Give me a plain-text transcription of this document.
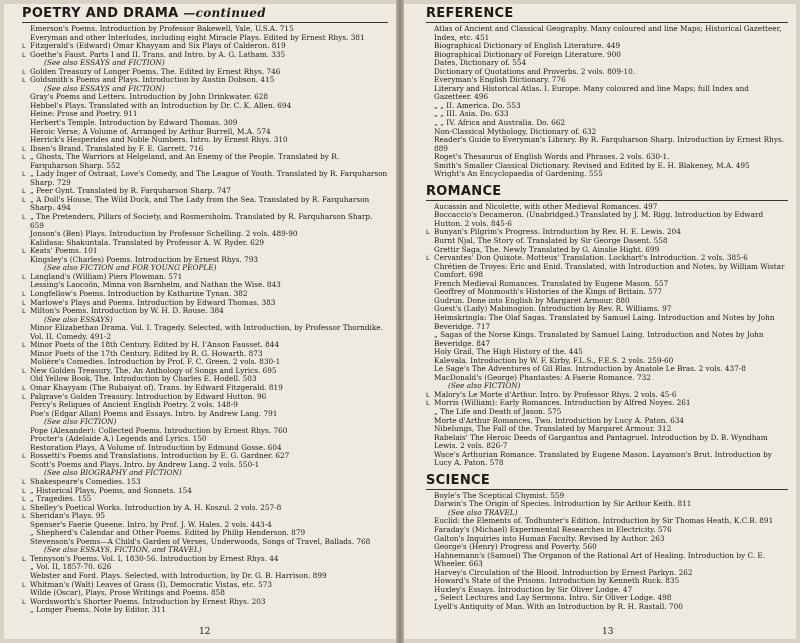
POETRY AND DRAMA —continued
Emerson's Poems. Introduction by Professor Bakewell, Yale, U.S.A. 715
Everyman and other Interludes, including eight Miracle Plays. Edited by Ernest Rhys. 381
L Fitzgerald's (Edward) Omar Khayyam and Six Plays of Calderon. 819
L Goethe's Faust. Parts I and II. Trans. and Intro. by A. G. Latham. 335
(See also ESSAYS and FICTION)
L Golden Treasury of Longer Poems, The. Edited by Ernest Rhys. 746
L Goldsmith's Poems and Plays. Introduction by Austin Dobson. 415
(See also ESSAYS and FICTION)
Gray's Poems and Letters. Introduction by John Drinkwater. 628
Hebbel's Plays. Translated with an Introduction by Dr. C. K. Allen. 694
Heine: Prose and Poetry. 911
Herbert's Temple. Introduction by Edward Thomas. 309
Heroic Verse, A Volume of. Arranged by Arthur Burrell, M.A. 574
Herrick's Hesperides and Noble Numbers. Intro. by Ernest Rhys. 310
L Ibsen's Brand. Translated by F. E. Garrett. 716
L „ Ghosts, The Warriors at Helgeland, and An Enemy of the People. Translated by R. Farquharson Sharp. 552
L „ Lady Inger of Ostraat, Love's Comedy, and The League of Youth. Translated by R. Farquharson Sharp. 729
L „ Peer Gynt. Translated by R. Farquharson Sharp. 747
L „ A Doll's House, The Wild Duck, and The Lady from the Sea. Translated by R. Farquharson Sharp. 494
L „ The Pretenders, Pillars of Society, and Rosmersholm. Translated by R. Farquharson Sharp. 659
Jonson's (Ben) Plays. Introduction by Professor Schelling. 2 vols. 489-90
Kalidasa: Shakuntala. Translated by Professor A. W. Ryder. 629
L Keats' Poems. 101
Kingsley's (Charles) Poems. Introduction by Ernest Rhys. 793
(See also FICTION and FOR YOUNG PEOPLE)
L Langland's (William) Piers Plowman. 571
Lessing's Laocoön, Minna von Barnhelm, and Nathan the Wise. 843
L Longfellow's Poems. Introduction by Katharine Tynan. 382
L Marlowe's Plays and Poems. Introduction by Edward Thomas. 383
L Milton's Poems. Introduction by W. H. D. Rouse. 384
(See also ESSAYS)
Minor Elizabethan Drama. Vol. I. Tragedy. Selected, with Introduction, by Professor Thorndike. Vol. II. Comedy. 491-2
L Minor Poets of the 18th Century. Edited by H. I'Anson Fausset. 844
Minor Poets of the 17th Century. Edited by R. G. Howarth. 873
Molière's Comedies. Introduction by Prof. F. C. Green. 2 vols. 830-1
L New Golden Treasury, The. An Anthology of Songs and Lyrics. 695
Old Yellow Book, The. Introduction by Charles E. Hodell. 503
L Omar Khayyam (The Rubaiyat of). Trans. by Edward Fitzgerald. 819
L Palgrave's Golden Treasury. Introduction by Edward Hutton. 96
Percy's Reliques of Ancient English Poetry. 2 vols. 148-9
Poe's (Edgar Allan) Poems and Essays. Intro. by Andrew Lang. 791
(See also FICTION)
Pope (Alexander): Collected Poems. Introduction by Ernest Rhys. 760
Procter's (Adelaide A.) Legends and Lyrics. 150
Restoration Plays, A Volume of. Introduction by Edmund Gosse. 604
L Rossetti's Poems and Translations. Introduction by E. G. Gardner. 627
Scott's Poems and Plays. Intro. by Andrew Lang. 2 vols. 550-1
(See also BIOGRAPHY and FICTION)
L Shakespeare's Comedies. 153
L „ Historical Plays, Poems, and Sonnets. 154
L „ Tragedies. 155
L Shelley's Poetical Works. Introduction by A. H. Koszul. 2 vols. 257-8
L Sheridan's Plays. 95
Spenser's Faerie Queene. Intro. by Prof. J. W. Hales. 2 vols. 443-4
„ Shepherd's Calendar and Other Poems. Edited by Philip Henderson. 879
Stevenson's Poems—A Child's Garden of Verses, Underwoods, Songs of Travel, Ballads. 768
(See also ESSAYS, FICTION, and TRAVEL)
L Tennyson's Poems. Vol. I, 1830-56. Introduction by Ernest Rhys. 44
„ Vol. II, 1857-70. 626
Webster and Ford. Plays. Selected, with Introduction, by Dr. G. B. Harrison. 899
L Whitman's (Walt) Leaves of Grass (I), Democratic Vistas, etc. 573
Wilde (Oscar), Plays, Prose Writings and Poems. 858
L Wordsworth's Shorter Poems. Introduction by Ernest Rhys. 203
„ Longer Poems. Note by Editor. 311
12
REFERENCE
Atlas of Ancient and Classical Geography. Many coloured and line Maps; Historical Gazetteer, Index, etc. 451
Biographical Dictionary of English Literature. 449
Biographical Dictionary of Foreign Literature. 900
Dates, Dictionary of. 554
Dictionary of Quotations and Proverbs. 2 vols. 809-10.
Everyman's English Dictionary. 776
Literary and Historical Atlas. I. Europe. Many coloured and line Maps; full Index and Gazetteer. 496
„ „ II. America. Do. 553
„ „ III. Asia. Do. 633
„ „ IV. Africa and Australia. Do. 662
Non-Classical Mythology, Dictionary of. 632
Reader's Guide to Everyman's Library. By R. Farquharson Sharp. Introduction by Ernest Rhys. 889
Roget's Thesaurus of English Words and Phrases. 2 vols. 630-1.
Smith's Smaller Classical Dictionary. Revised and Edited by E. H. Blakeney, M.A. 495
Wright's An Encyclopaedia of Gardening. 555
ROMANCE
Aucassin and Nicolette, with other Medieval Romances. 497
Boccaccio's Decameron. (Unabridged.) Translated by J. M. Rigg. Introduction by Edward Hutton. 2 vols. 845-6
L Bunyan's Pilgrim's Progress. Introduction by Rev. H. E. Lewis. 204
Burnt Njal, The Story of. Translated by Sir George Dasent. 558
Grettir Saga, The. Newly Translated by G. Ainslie Hight. 699
L Cervantes' Don Quixote. Motteux' Translation. Lockhart's Introduction. 2 vols. 385-6
Chrétien de Troyes: Eric and Enid. Translated, with Introduction and Notes, by William Wistar Comfort. 698
French Medieval Romances. Translated by Eugene Mason. 557
Geoffrey of Monmouth's Histories of the Kings of Britain. 577
Gudrun. Done into English by Margaret Armour. 880
Guest's (Lady) Mabinogion. Introduction by Rev. R. Williams. 97
Heimskringla: The Olaf Sagas. Translated by Samuel Laing. Introduction and Notes by John Beveridge. 717
„ Sagas of the Norse Kings. Translated by Samuel Laing. Introduction and Notes by John Beveridge. 847
Holy Grail, The High History of the. 445
Kalevala. Introduction by W. F. Kirby, F.L.S., F.E.S. 2 vols. 259-60
Le Sage's The Adventures of Gil Blas. Introduction by Anatole Le Bras. 2 vols. 437-8
MacDonald's (George) Phantastes: A Faerie Romance. 732
(See also FICTION)
L Malory's Le Morte d'Arthur. Intro. by Professor Rhys. 2 vols. 45-6
L Morris (William): Early Romances. Introduction by Alfred Noyes. 261
„ The Life and Death of Jason. 575
Morte d'Arthur Romances, Two. Introduction by Lucy A. Paton. 634
Nibelungs, The Fall of the. Translated by Margaret Armour. 312
Rabelais' The Heroic Deeds of Gargantua and Pantagruel. Introduction by D. B. Wyndham Lewis. 2 vols. 826-7
Wace's Arthurian Romance. Translated by Eugene Mason. Layamon's Brut. Introduction by Lucy A. Paton. 578
SCIENCE
Boyle's The Sceptical Chymist. 559
Darwin's The Origin of Species. Introduction by Sir Arthur Keith. 811
(See also TRAVEL)
Euclid: the Elements of. Todhunter's Edition. Introduction by Sir Thomas Heath, K.C.B. 891
Faraday's (Michael) Experimental Researches in Electricity. 576
Galton's Inquiries into Human Faculty. Revised by Author. 263
George's (Henry) Progress and Poverty. 560
Hahnemann's (Samuel) The Organon of the Rational Art of Healing. Introduction by C. E. Wheeler. 663
Harvey's Circulation of the Blood. Introduction by Ernest Parkyn. 262
Howard's State of the Prisons. Introduction by Kenneth Ruck. 835
Huxley's Essays. Introduction by Sir Oliver Lodge. 47
„ Select Lectures and Lay Sermons. Intro. Sir Oliver Lodge. 498
Lyell's Antiquity of Man. With an Introduction by R. H. Rastall. 700
13
